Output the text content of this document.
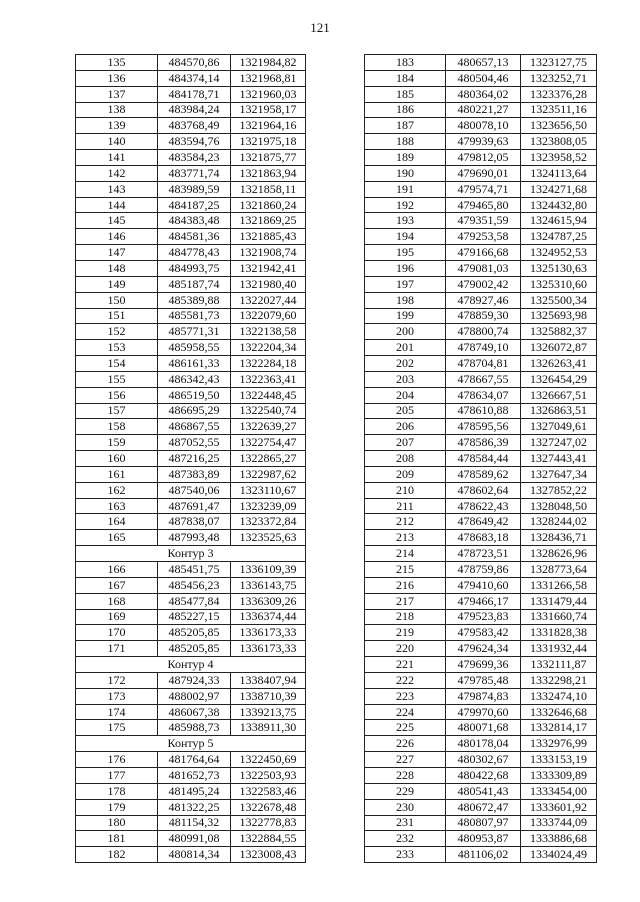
121
135	484570,86	1321984,82
136	484374,14	1321968,81
137	484178,71	1321960,03
138	483984,24	1321958,17
139	483768,49	1321964,16
140	483594,76	1321975,18
141	483584,23	1321875,77
142	483771,74	1321863,94
143	483989,59	1321858,11
144	484187,25	1321860,24
145	484383,48	1321869,25
146	484581,36	1321885,43
147	484778,43	1321908,74
148	484993,75	1321942,41
149	485187,74	1321980,40
150	485389,88	1322027,44
151	485581,73	1322079,60
152	485771,31	1322138,58
153	485958,55	1322204,34
154	486161,33	1322284,18
155	486342,43	1322363,41
156	486519,50	1322448,45
157	486695,29	1322540,74
158	486867,55	1322639,27
159	487052,55	1322754,47
160	487216,25	1322865,27
161	487383,89	1322987,62
162	487540,06	1323110,67
163	487691,47	1323239,09
164	487838,07	1323372,84
165	487993,48	1323525,63
Контур 3		
166	485451,75	1336109,39
167	485456,23	1336143,75
168	485477,84	1336309,26
169	485227,15	1336374,44
170	485205,85	1336173,33
171	485205,85	1336173,33
Контур 4		
172	487924,33	1338407,94
173	488002,97	1338710,39
174	486067,38	1339213,75
175	485988,73	1338911,30
Контур 5		
176	481764,64	1322450,69
177	481652,73	1322503,93
178	481495,24	1322583,46
179	481322,25	1322678,48
180	481154,32	1322778,83
181	480991,08	1322884,55
182	480814,34	1323008,43
183	480657,13	1323127,75
184	480504,46	1323252,71
185	480364,02	1323376,28
186	480221,27	1323511,16
187	480078,10	1323656,50
188	479939,63	1323808,05
189	479812,05	1323958,52
190	479690,01	1324113,64
191	479574,71	1324271,68
192	479465,80	1324432,80
193	479351,59	1324615,94
194	479253,58	1324787,25
195	479166,68	1324952,53
196	479081,03	1325130,63
197	479002,42	1325310,60
198	478927,46	1325500,34
199	478859,30	1325693,98
200	478800,74	1325882,37
201	478749,10	1326072,87
202	478704,81	1326263,41
203	478667,55	1326454,29
204	478634,07	1326667,51
205	478610,88	1326863,51
206	478595,56	1327049,61
207	478586,39	1327247,02
208	478584,44	1327443,41
209	478589,62	1327647,34
210	478602,64	1327852,22
211	478622,43	1328048,50
212	478649,42	1328244,02
213	478683,18	1328436,71
214	478723,51	1328626,96
215	478759,86	1328773,64
216	479410,60	1331266,58
217	479466,17	1331479,44
218	479523,83	1331660,74
219	479583,42	1331828,38
220	479624,34	1331932,44
221	479699,36	1332111,87
222	479785,48	1332298,21
223	479874,83	1332474,10
224	479970,60	1332646,68
225	480071,68	1332814,17
226	480178,04	1332976,99
227	480302,67	1333153,19
228	480422,68	1333309,89
229	480541,43	1333454,00
230	480672,47	1333601,92
231	480807,97	1333744,09
232	480953,87	1333886,68
233	481106,02	1334024,49
